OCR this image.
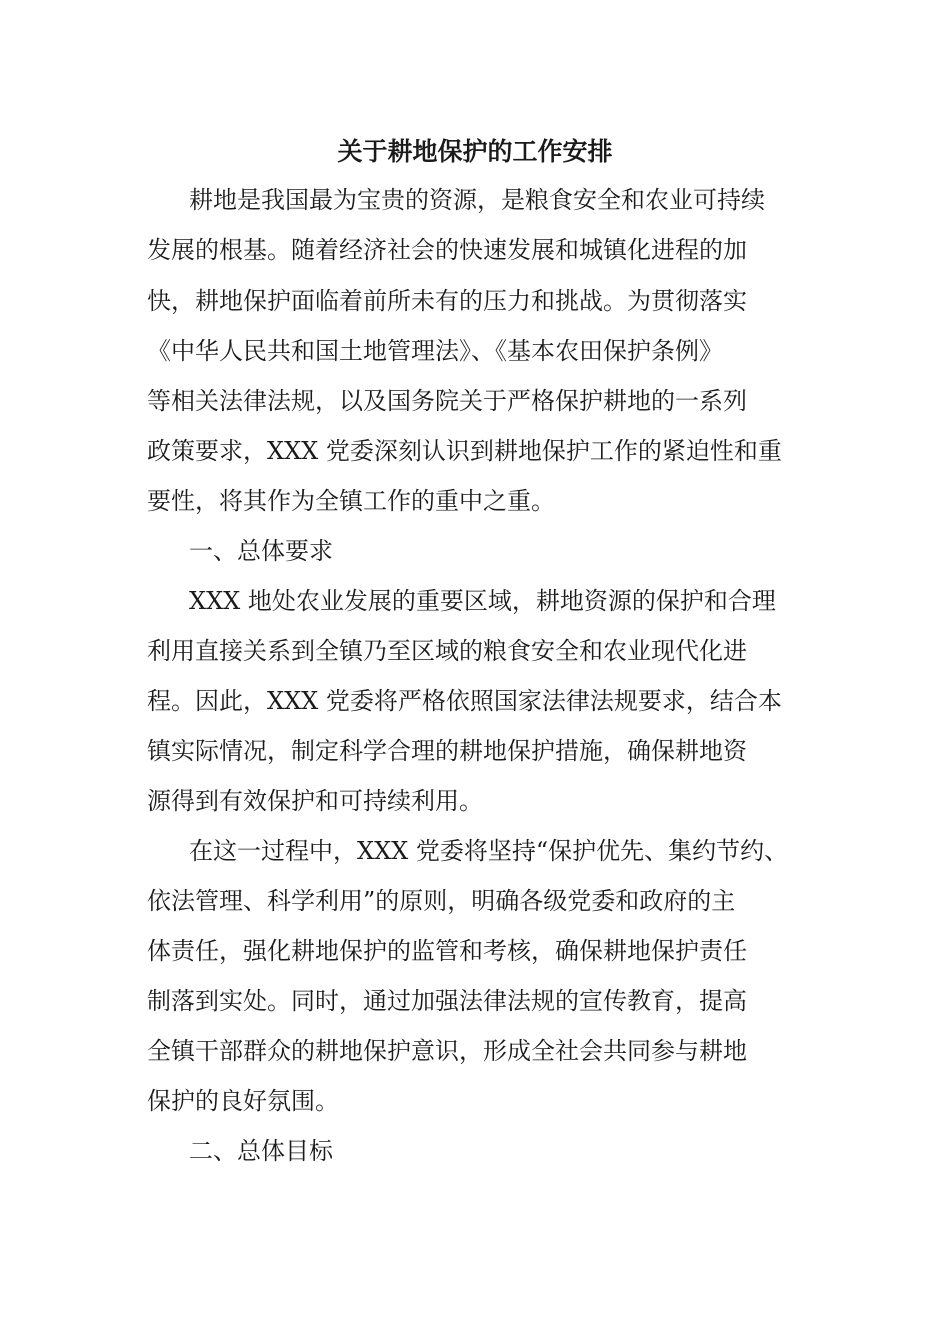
关于耕地保护的工作安排
耕地是我国最为宝贵的资源，是粮食安全和农业可持续
发展的根基。随着经济社会的快速发展和城镇化进程的加
快，耕地保护面临着前所未有的压力和挑战。为贯彻落实
《中华人民共和国土地管理法》、《基本农田保护条例》
等相关法律法规，以及国务院关于严格保护耕地的一系列
政策要求，XXX 党委深刻认识到耕地保护工作的紧迫性和重
要性，将其作为全镇工作的重中之重。
一、总体要求
XXX 地处农业发展的重要区域，耕地资源的保护和合理
利用直接关系到全镇乃至区域的粮食安全和农业现代化进
程。因此，XXX 党委将严格依照国家法律法规要求，结合本
镇实际情况，制定科学合理的耕地保护措施，确保耕地资
源得到有效保护和可持续利用。
在这一过程中，XXX 党委将坚持“保护优先、集约节约、
依法管理、科学利用”的原则，明确各级党委和政府的主
体责任，强化耕地保护的监管和考核，确保耕地保护责任
制落到实处。同时，通过加强法律法规的宣传教育，提高
全镇干部群众的耕地保护意识，形成全社会共同参与耕地
保护的良好氛围。
二、总体目标
